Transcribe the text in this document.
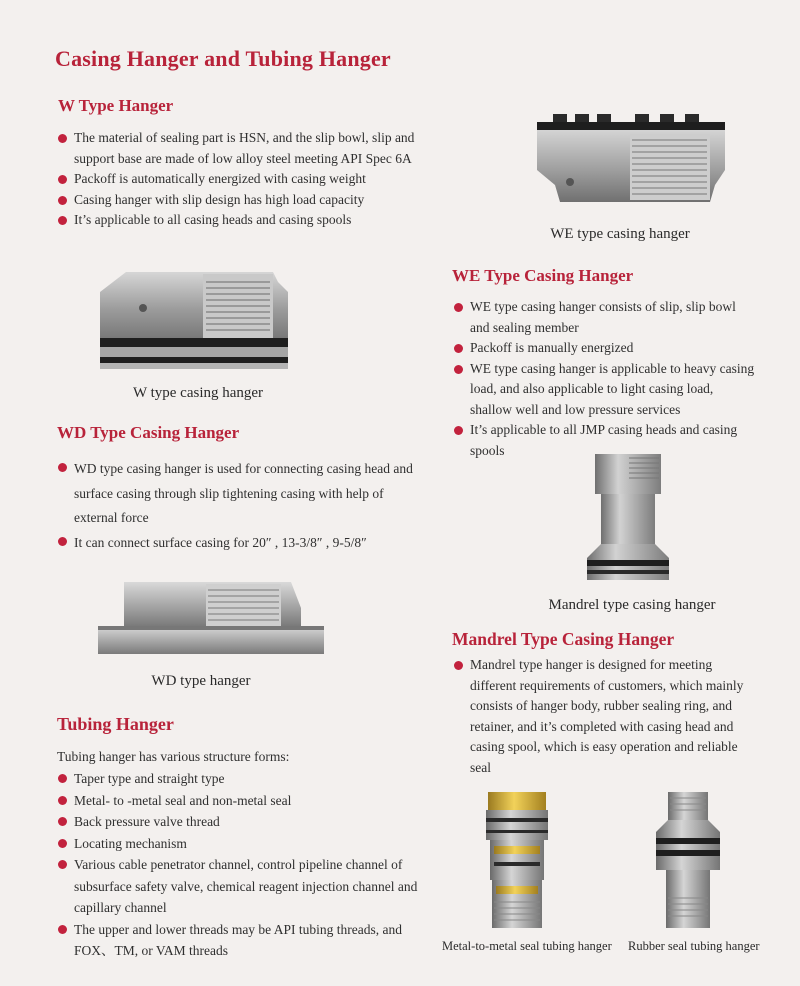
Casing Hanger and Tubing Hanger
W Type Hanger
The material of sealing part is HSN, and the slip bowl, slip and support base are made of low alloy steel meeting API Spec 6A
Packoff is automatically energized with casing weight
Casing hanger with slip design has high load capacity
It’s applicable to all casing heads and casing spools
W type casing hanger
WD Type Casing Hanger
WD type casing hanger is used for connecting casing head and surface casing through slip tightening casing with help of external force
It can connect surface casing for 20″ , 13-3/8″ , 9-5/8″
WD type hanger
Tubing Hanger
Tubing hanger has various structure forms:
Taper type and straight type
Metal- to -metal seal and non-metal seal
Back pressure valve thread
Locating mechanism
Various cable penetrator channel, control pipeline channel of subsurface safety valve, chemical reagent injection channel and capillary channel
The upper and lower threads may be API tubing threads, and FOX、TM, or VAM threads
WE type casing hanger
WE Type Casing Hanger
WE type casing hanger consists of slip, slip bowl and sealing member
Packoff is manually energized
WE type casing hanger is applicable to heavy casing load, and also applicable to light casing load, shallow well and low pressure services
It’s applicable to all JMP casing heads and casing spools
Mandrel type casing hanger
Mandrel Type Casing Hanger
Mandrel type hanger is designed for meeting different requirements of customers, which mainly consists of hanger body, rubber sealing ring, and retainer, and it’s completed with casing head and casing spool, which is easy operation and reliable seal
Metal-to-metal seal tubing hanger Rubber seal tubing hanger
